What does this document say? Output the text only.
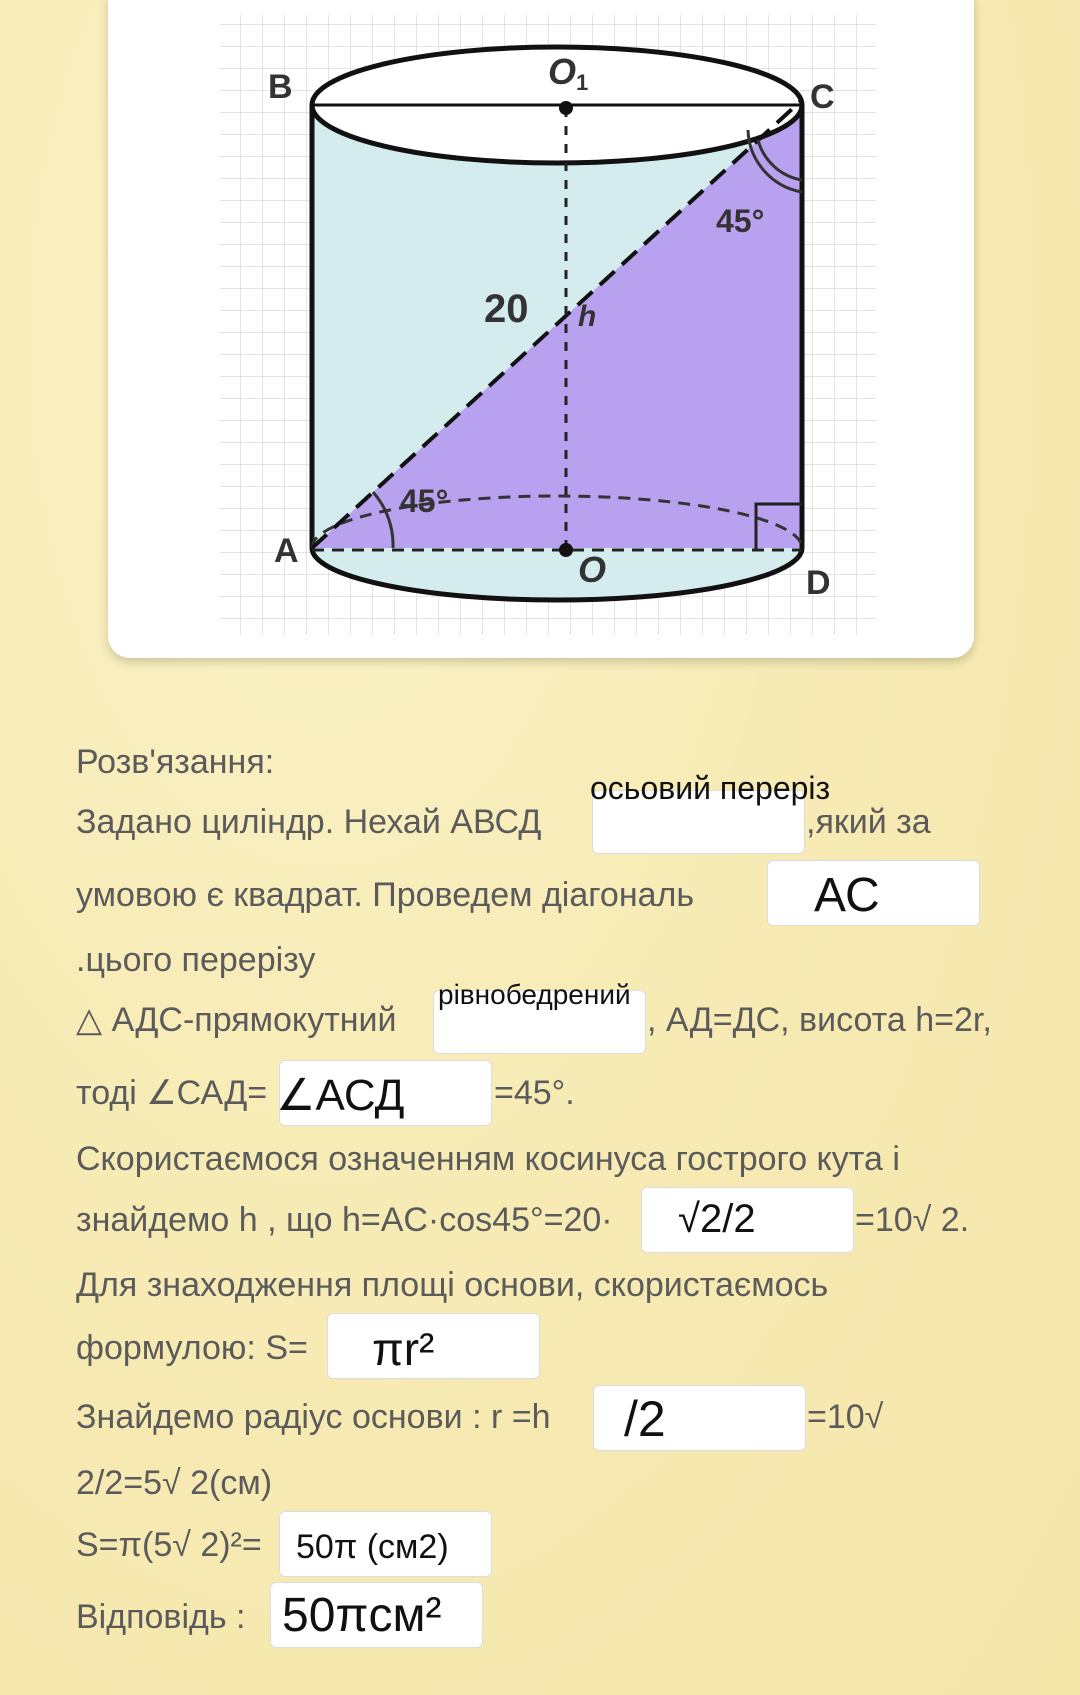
B	C
A
D
O 1
O
45°
45°
20 h
Розв'язання:
Задано циліндр. Нехай АВСД
осьовий переріз
,який за
умовою є квадрат. Проведем діагональ АС
.цього перерізу
△ АДС-прямокутний
рівнобедрений
, АД=ДС, висота h=2r,
тоді ∠САД= ∠АСД	=45°.
Скористаємося означенням косинуса гострого кута і
знайдемо h , що h=AC·cos45°=20· √2/2	=10√ 2.
Для знаходження площі основи, скористаємось
формулою: S= πr²
Знайдемо радіус основи : r =h /2	=10√
2/2=5√ 2(см)
S=π(5√ 2)²= 50π (см2)
Відповідь : 50πсм²
